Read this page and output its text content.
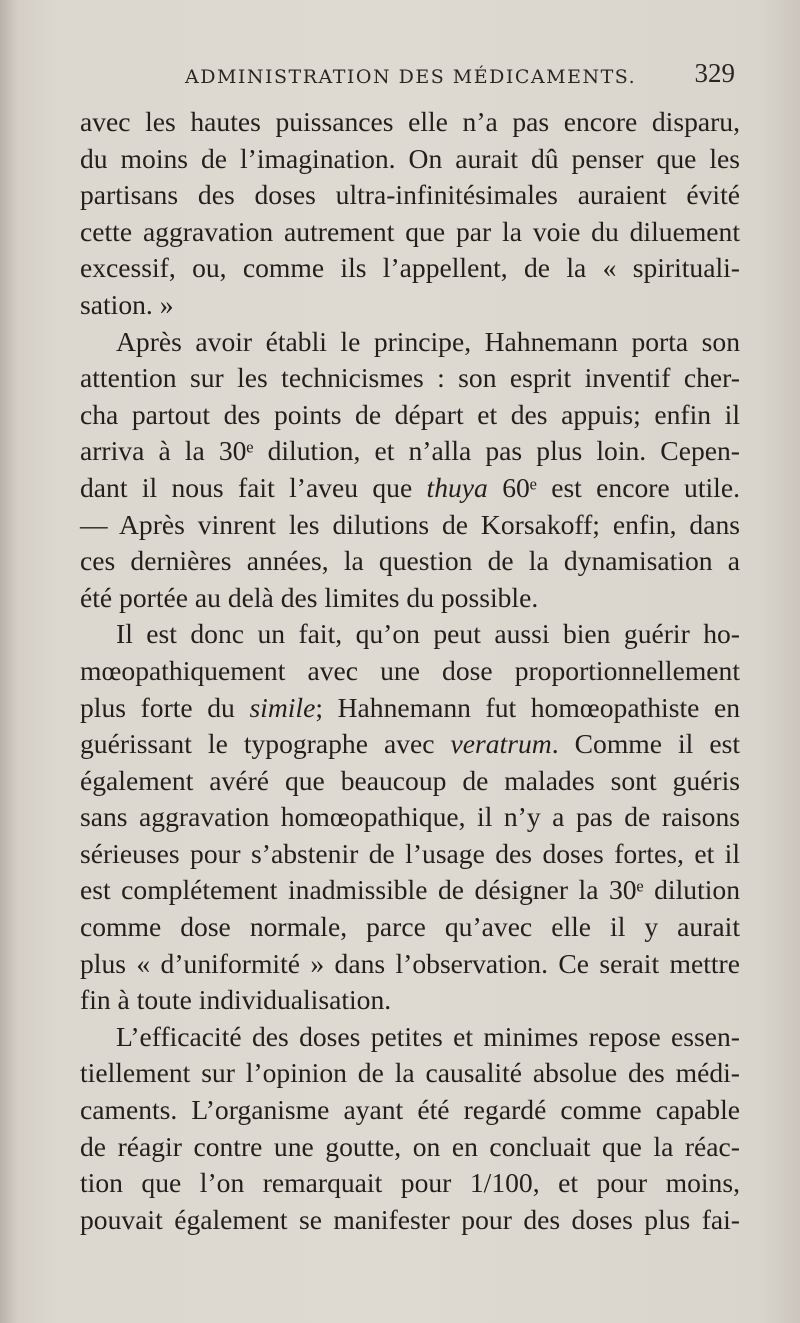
ADMINISTRATION DES MÉDICAMENTS. 329

avec les hautes puissances elle n’a pas encore disparu,
du moins de l’imagination. On aurait dû penser que les
partisans des doses ultra-infinitésimales auraient évité
cette aggravation autrement que par la voie du diluement
excessif, ou, comme ils l’appellent, de la « spirituali-
sation. »

Après avoir établi le principe, Hahnemann porta son
attention sur les technicismes : son esprit inventif cher-
cha partout des points de départ et des appuis; enfin il
arriva à la 30ᵉ dilution, et n’alla pas plus loin. Cepen-
dant il nous fait l’aveu que thuya 60ᵉ est encore utile.
— Après vinrent les dilutions de Korsakoff; enfin, dans
ces dernières années, la question de la dynamisation a
été portée au delà des limites du possible.

Il est donc un fait, qu’on peut aussi bien guérir ho-
mœopathiquement avec une dose proportionnellement
plus forte du simile; Hahnemann fut homœopathiste en
guérissant le typographe avec veratrum. Comme il est
également avéré que beaucoup de malades sont guéris
sans aggravation homœopathique, il n’y a pas de raisons
sérieuses pour s’abstenir de l’usage des doses fortes, et il
est complétement inadmissible de désigner la 30ᵉ dilution
comme dose normale, parce qu’avec elle il y aurait
plus « d’uniformité » dans l’observation. Ce serait mettre
fin à toute individualisation.

L’efficacité des doses petites et minimes repose essen-
tiellement sur l’opinion de la causalité absolue des médi-
caments. L’organisme ayant été regardé comme capable
de réagir contre une goutte, on en concluait que la réac-
tion que l’on remarquait pour 1/100, et pour moins,
pouvait également se manifester pour des doses plus fai-
